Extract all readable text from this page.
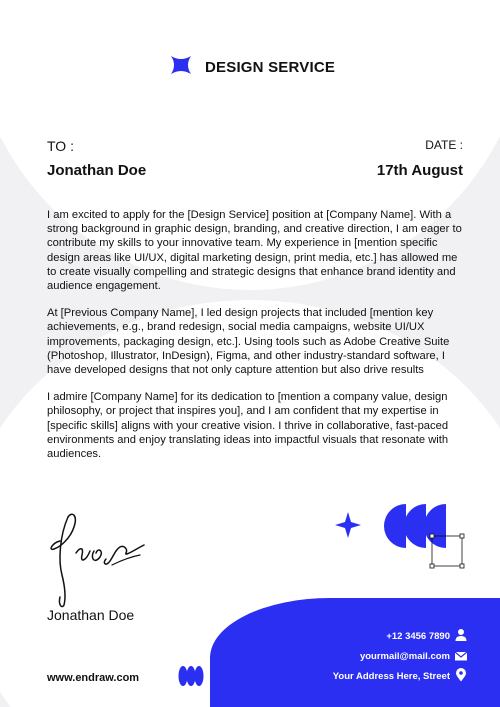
DESIGN SERVICE
TO :	DATE :
Jonathan Doe	17th August

I am excited to apply for the [Design Service] position at [Company Name]. With a strong background in graphic design, branding, and creative direction, I am eager to contribute my skills to your innovative team. My experience in [mention specific design areas like UI/UX, digital marketing design, print media, etc.] has allowed me to create visually compelling and strategic designs that enhance brand identity and audience engagement.

At [Previous Company Name], I led design projects that included [mention key achievements, e.g., brand redesign, social media campaigns, website UI/UX improvements, packaging design, etc.]. Using tools such as Adobe Creative Suite (Photoshop, Illustrator, InDesign), Figma, and other industry-standard software, I have developed designs that not only capture attention but also drive results

I admire [Company Name] for its dedication to [mention a company value, design philosophy, or project that inspires you], and I am confident that my expertise in [specific skills] aligns with your creative vision. I thrive in collaborative, fast-paced environments and enjoy translating ideas into impactful visuals that resonate with audiences.

Jonathan Doe
www.endraw.com
+12 3456 7890
yourmail@mail.com
Your Address Here, Street
